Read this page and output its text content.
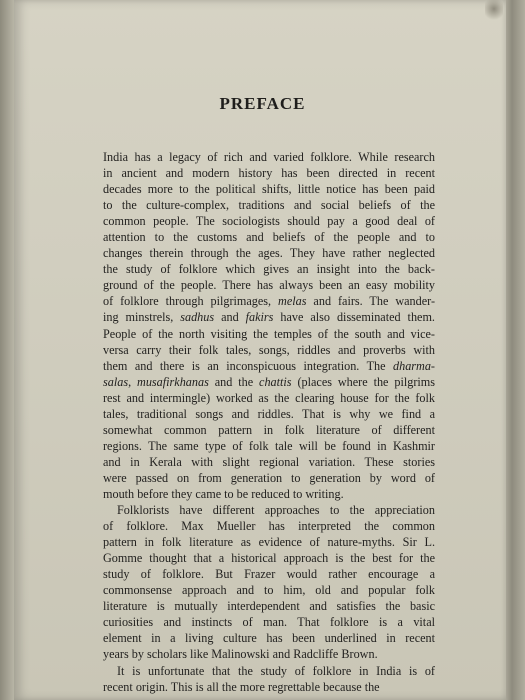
PREFACE
India has a legacy of rich and varied folklore. While research
in ancient and modern history has been directed in recent
decades more to the political shifts, little notice has been paid
to the culture-complex, traditions and social beliefs of the
common people. The sociologists should pay a good deal of
attention to the customs and beliefs of the people and to
changes therein through the ages. They have rather neglected
the study of folklore which gives an insight into the back-
ground of the people. There has always been an easy mobility
of folklore through pilgrimages, melas and fairs. The wander-
ing minstrels, sadhus and fakirs have also disseminated them.
People of the north visiting the temples of the south and vice-
versa carry their folk tales, songs, riddles and proverbs with
them and there is an inconspicuous integration. The dharma-
salas, musafirkhanas and the chattis (places where the pilgrims
rest and intermingle) worked as the clearing house for the folk
tales, traditional songs and riddles. That is why we find a
somewhat common pattern in folk literature of different
regions. The same type of folk tale will be found in Kashmir
and in Kerala with slight regional variation. These stories
were passed on from generation to generation by word of
mouth before they came to be reduced to writing.
Folklorists have different approaches to the appreciation
of folklore. Max Mueller has interpreted the common
pattern in folk literature as evidence of nature-myths. Sir L.
Gomme thought that a historical approach is the best for the
study of folklore. But Frazer would rather encourage a
commonsense approach and to him, old and popular folk
literature is mutually interdependent and satisfies the basic
curiosities and instincts of man. That folklore is a vital
element in a living culture has been underlined in recent
years by scholars like Malinowski and Radcliffe Brown.
It is unfortunate that the study of folklore in India is of
recent origin. This is all the more regrettable because the
